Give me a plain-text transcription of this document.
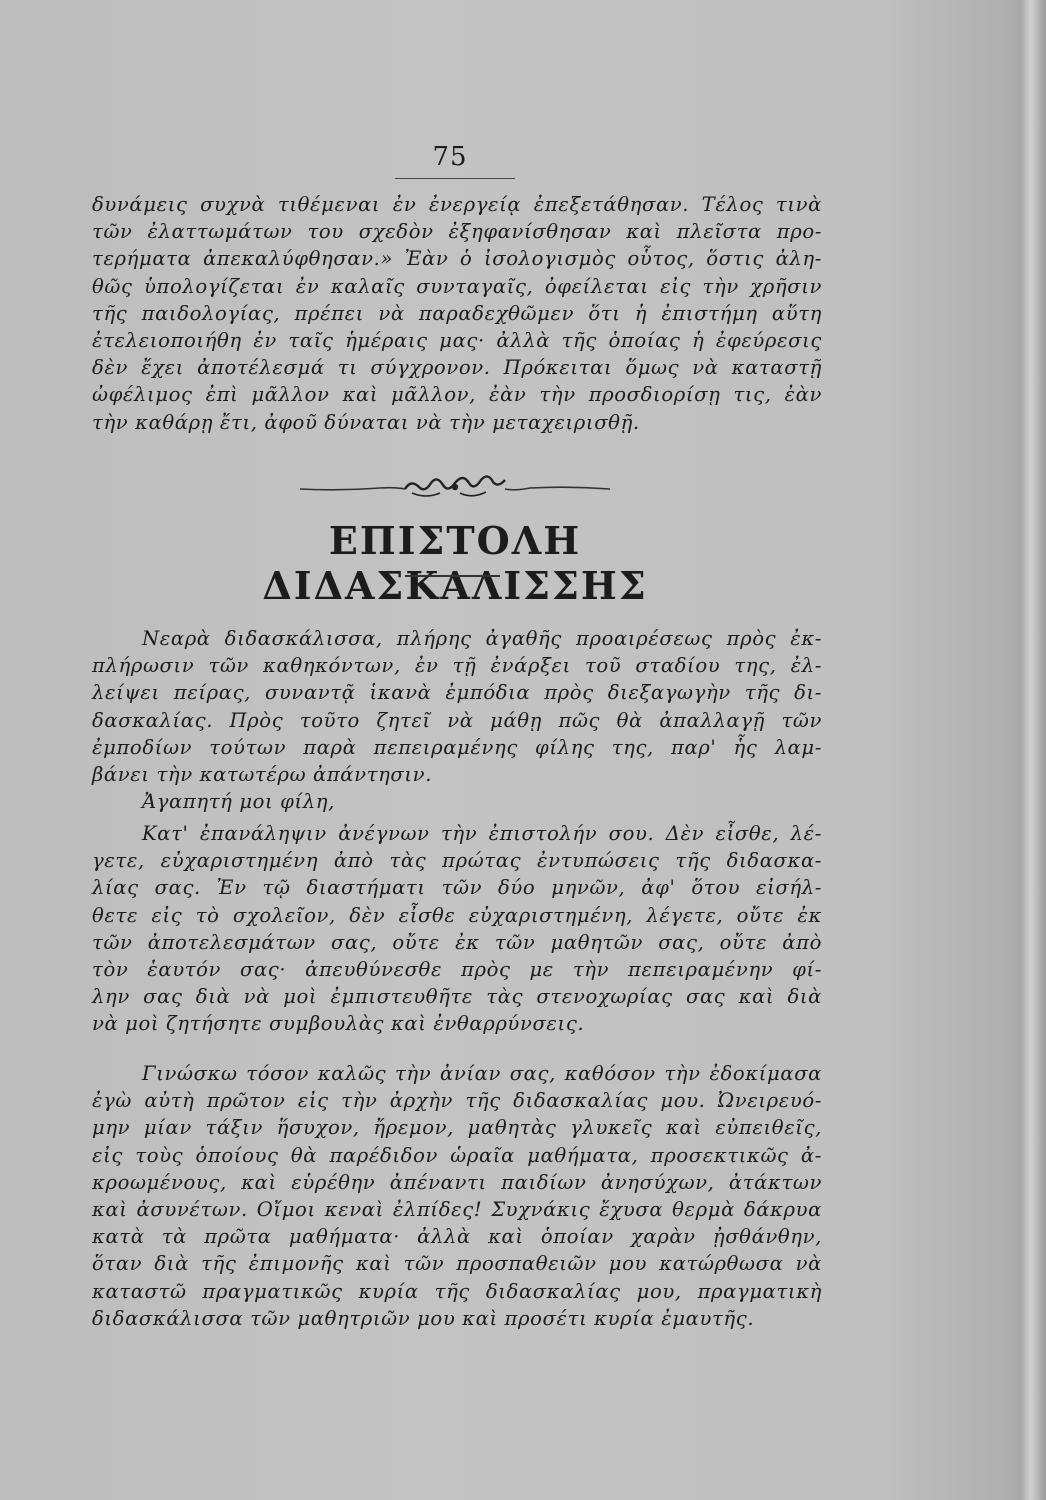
75
δυνάμεις συχνὰ τιθέμεναι ἐν ἐνεργείᾳ ἐπεξετάθησαν. Τέλος τινὰ
τῶν ἐλαττωμάτων του σχεδὸν ἐξηφανίσθησαν καὶ πλεῖστα προ-
τερήματα ἀπεκαλύφθησαν.» Ἐὰν ὁ ἰσολογισμὸς οὗτος, ὅστις ἀλη-
θῶς ὑπολογίζεται ἐν καλαῖς συνταγαῖς, ὀφείλεται εἰς τὴν χρῆσιν
τῆς παιδολογίας, πρέπει νὰ παραδεχθῶμεν ὅτι ἡ ἐπιστήμη αὕτη
ἐτελειοποιήθη ἐν ταῖς ἡμέραις μας· ἀλλὰ τῆς ὁποίας ἡ ἐφεύρεσις
δὲν ἔχει ἀποτέλεσμά τι σύγχρονον. Πρόκειται ὅμως νὰ καταστῇ
ὠφέλιμος ἐπὶ μᾶλλον καὶ μᾶλλον, ἐὰν τὴν προσδιορίσῃ τις, ἐὰν
τὴν καθάρῃ ἔτι, ἀφοῦ δύναται νὰ τὴν μεταχειρισθῇ.
ΕΠΙΣΤΟΛΗ ΔΙΔΑΣΚΑΛΙΣΣΗΣ
Νεαρὰ διδασκάλισσα, πλήρης ἀγαθῆς προαιρέσεως πρὸς ἐκ-
πλήρωσιν τῶν καθηκόντων, ἐν τῇ ἐνάρξει τοῦ σταδίου της, ἐλ-
λείψει πείρας, συναντᾷ ἱκανὰ ἐμπόδια πρὸς διεξαγωγὴν τῆς δι-
δασκαλίας. Πρὸς τοῦτο ζητεῖ νὰ μάθῃ πῶς θὰ ἀπαλλαγῇ τῶν
ἐμποδίων τούτων παρὰ πεπειραμένης φίλης της, παρ' ἧς λαμ-
βάνει τὴν κατωτέρω ἀπάντησιν.
Ἀγαπητή μοι φίλη,
Κατ' ἐπανάληψιν ἀνέγνων τὴν ἐπιστολήν σου. Δὲν εἶσθε, λέ-
γετε, εὐχαριστημένη ἀπὸ τὰς πρώτας ἐντυπώσεις τῆς διδασκα-
λίας σας. Ἐν τῷ διαστήματι τῶν δύο μηνῶν, ἀφ' ὅτου εἰσήλ-
θετε εἰς τὸ σχολεῖον, δὲν εἶσθε εὐχαριστημένη, λέγετε, οὔτε ἐκ
τῶν ἀποτελεσμάτων σας, οὔτε ἐκ τῶν μαθητῶν σας, οὔτε ἀπὸ
τὸν ἑαυτόν σας· ἀπευθύνεσθε πρὸς με τὴν πεπειραμένην φί-
λην σας διὰ νὰ μοὶ ἐμπιστευθῆτε τὰς στενοχωρίας σας καὶ διὰ
νὰ μοὶ ζητήσητε συμβουλὰς καὶ ἐνθαρρύνσεις.
Γινώσκω τόσον καλῶς τὴν ἀνίαν σας, καθόσον τὴν ἐδοκίμασα
ἐγὼ αὐτὴ πρῶτον εἰς τὴν ἀρχὴν τῆς διδασκαλίας μου. Ὠνειρευό-
μην μίαν τάξιν ἥσυχον, ἤρεμον, μαθητὰς γλυκεῖς καὶ εὐπειθεῖς,
εἰς τοὺς ὁποίους θὰ παρέδιδον ὡραῖα μαθήματα, προσεκτικῶς ἀ-
κροωμένους, καὶ εὑρέθην ἀπέναντι παιδίων ἀνησύχων, ἀτάκτων
καὶ ἀσυνέτων. Οἴμοι κεναὶ ἐλπίδες! Συχνάκις ἔχυσα θερμὰ δάκρυα
κατὰ τὰ πρῶτα μαθήματα· ἀλλὰ καὶ ὁποίαν χαρὰν ᾐσθάνθην,
ὅταν διὰ τῆς ἐπιμονῆς καὶ τῶν προσπαθειῶν μου κατώρθωσα νὰ
καταστῶ πραγματικῶς κυρία τῆς διδασκαλίας μου, πραγματικὴ
διδασκάλισσα τῶν μαθητριῶν μου καὶ προσέτι κυρία ἐμαυτῆς.
